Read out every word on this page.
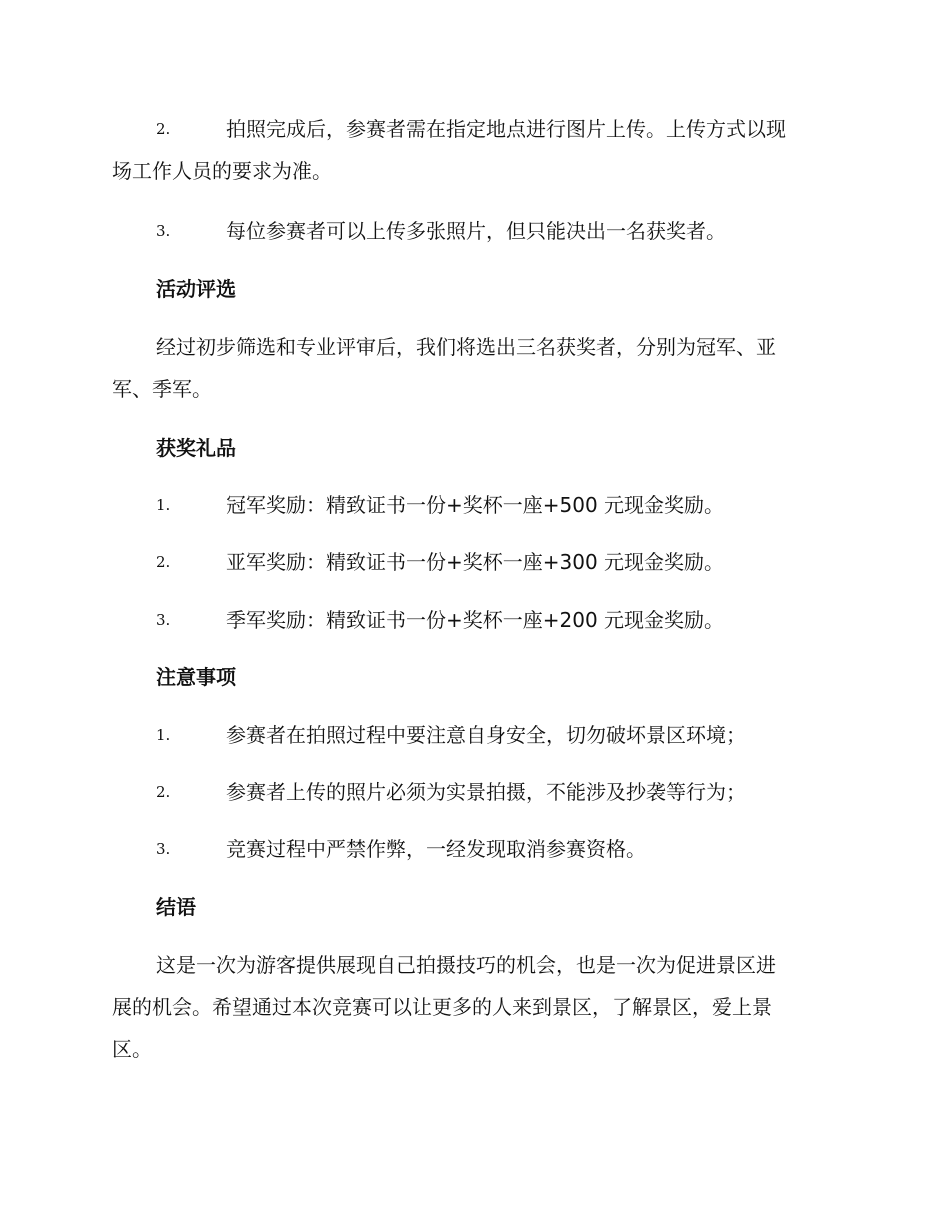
2.	拍照完成后，参赛者需在指定地点进行图片上传。上传方式以现
场工作人员的要求为准。
3.	每位参赛者可以上传多张照片，但只能决出一名获奖者。
活动评选
经过初步筛选和专业评审后，我们将选出三名获奖者，分别为冠军、亚
军、季军。
获奖礼品
1.	冠军奖励：精致证书一份+奖杯一座+500 元现金奖励。
2.	亚军奖励：精致证书一份+奖杯一座+300 元现金奖励。
3.	季军奖励：精致证书一份+奖杯一座+200 元现金奖励。
注意事项
1.	参赛者在拍照过程中要注意自身安全，切勿破坏景区环境；
2.	参赛者上传的照片必须为实景拍摄，不能涉及抄袭等行为；
3.	竞赛过程中严禁作弊，一经发现取消参赛资格。
结语
这是一次为游客提供展现自己拍摄技巧的机会，也是一次为促进景区进
展的机会。希望通过本次竞赛可以让更多的人来到景区，了解景区，爱上景
区。
